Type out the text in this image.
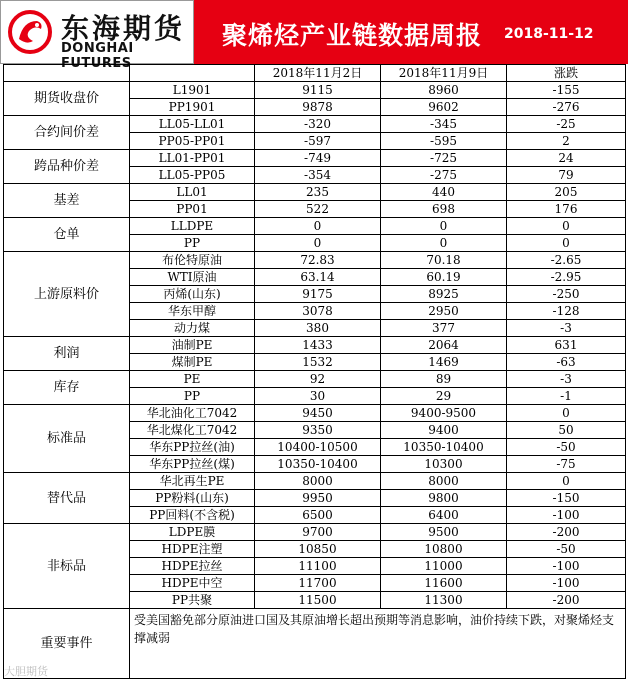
东海期货
DONGHAI FUTURES
聚烯烃产业链数据周报 2018-11-12
		2018年11月2日	2018年11月9日	涨跌
期货收盘价	L1901	9115	8960	-155
	PP1901	9878	9602	-276
合约间价差	LL05-LL01	-320	-345	-25
	PP05-PP01	-597	-595	2
跨品种价差	LL01-PP01	-749	-725	24
	LL05-PP05	-354	-275	79
基差	LL01	235	440	205
	PP01	522	698	176
仓单	LLDPE	0	0	0
	PP	0	0	0
上游原料价	布伦特原油	72.83	70.18	-2.65
	WTI原油	63.14	60.19	-2.95
	丙烯(山东)	9175	8925	-250
	华东甲醇	3078	2950	-128
	动力煤	380	377	-3
利润	油制PE	1433	2064	631
	煤制PE	1532	1469	-63
库存	PE	92	89	-3
	PP	30	29	-1
标准品	华北油化工7042	9450	9400-9500	0
	华北煤化工7042	9350	9400	50
	华东PP拉丝(油)	10400-10500	10350-10400	-50
	华东PP拉丝(煤)	10350-10400	10300	-75
替代品	华北再生PE	8000	8000	0
	PP粉料(山东)	9950	9800	-150
	PP回料(不含税)	6500	6400	-100
非标品	LDPE膜	9700	9500	-200
	HDPE注塑	10850	10800	-50
	HDPE拉丝	11100	11000	-100
	HDPE中空	11700	11600	-100
	PP共聚	11500	11300	-200
重要事件	受美国豁免部分原油进口国及其原油增长超出预期等消息影响，油价持续下跌，对聚烯烃支撑减弱			
大胆期货
